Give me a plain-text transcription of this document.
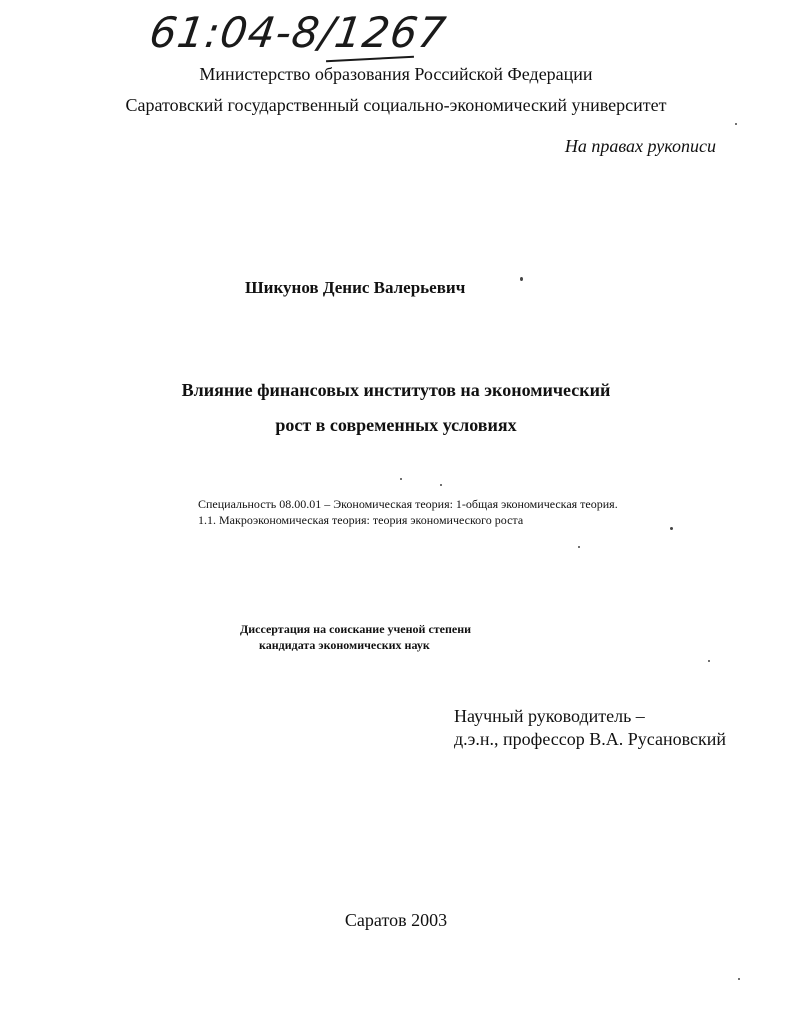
61:04-8/1267
Министерство образования Российской Федерации
Саратовский государственный социально-экономический университет
На правах рукописи
Шикунов Денис Валерьевич
Влияние финансовых институтов на экономический
рост в современных условиях
Специальность 08.00.01 – Экономическая теория: 1-общая экономическая теория.
1.1. Макроэкономическая теория: теория экономического роста
Диссертация на соискание ученой степени
кандидата экономических наук
Научный руководитель –
д.э.н., профессор В.А. Русановский
Саратов 2003
